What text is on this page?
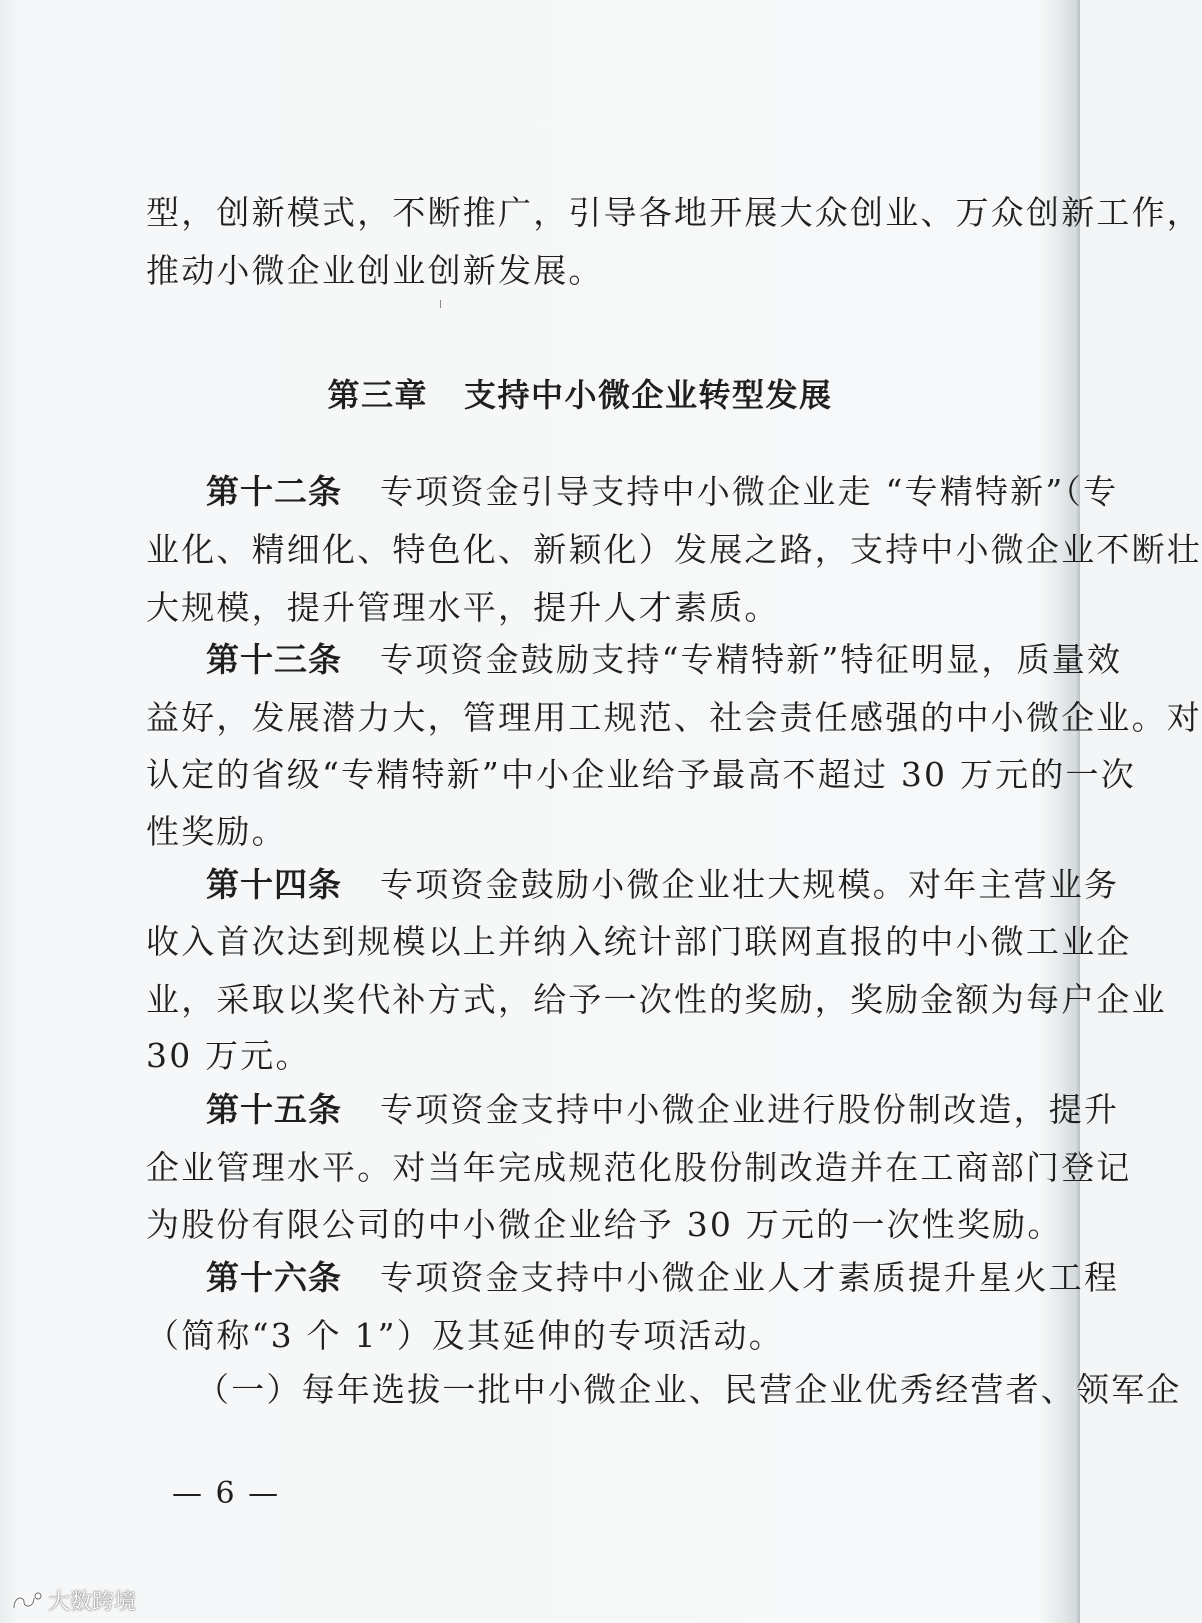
型，创新模式，不断推广，引导各地开展大众创业、万众创新工作，
推动小微企业创业创新发展。
第三章 支持中小微企业转型发展
第十二条 专项资金引导支持中小微企业走 “专精特新”（专
业化、精细化、特色化、新颖化）发展之路，支持中小微企业不断壮
大规模，提升管理水平，提升人才素质。
第十三条 专项资金鼓励支持“专精特新”特征明显，质量效
益好，发展潜力大，管理用工规范、社会责任感强的中小微企业。对
认定的省级“专精特新”中小企业给予最高不超过 30 万元的一次
性奖励。
第十四条 专项资金鼓励小微企业壮大规模。对年主营业务
收入首次达到规模以上并纳入统计部门联网直报的中小微工业企
业，采取以奖代补方式，给予一次性的奖励，奖励金额为每户企业
30 万元。
第十五条 专项资金支持中小微企业进行股份制改造，提升
企业管理水平。对当年完成规范化股份制改造并在工商部门登记
为股份有限公司的中小微企业给予 30 万元的一次性奖励。
第十六条 专项资金支持中小微企业人才素质提升星火工程
（简称“3 个 1”）及其延伸的专项活动。
（一）每年选拔一批中小微企业、民营企业优秀经营者、领军企
— 6 —
大数跨境
